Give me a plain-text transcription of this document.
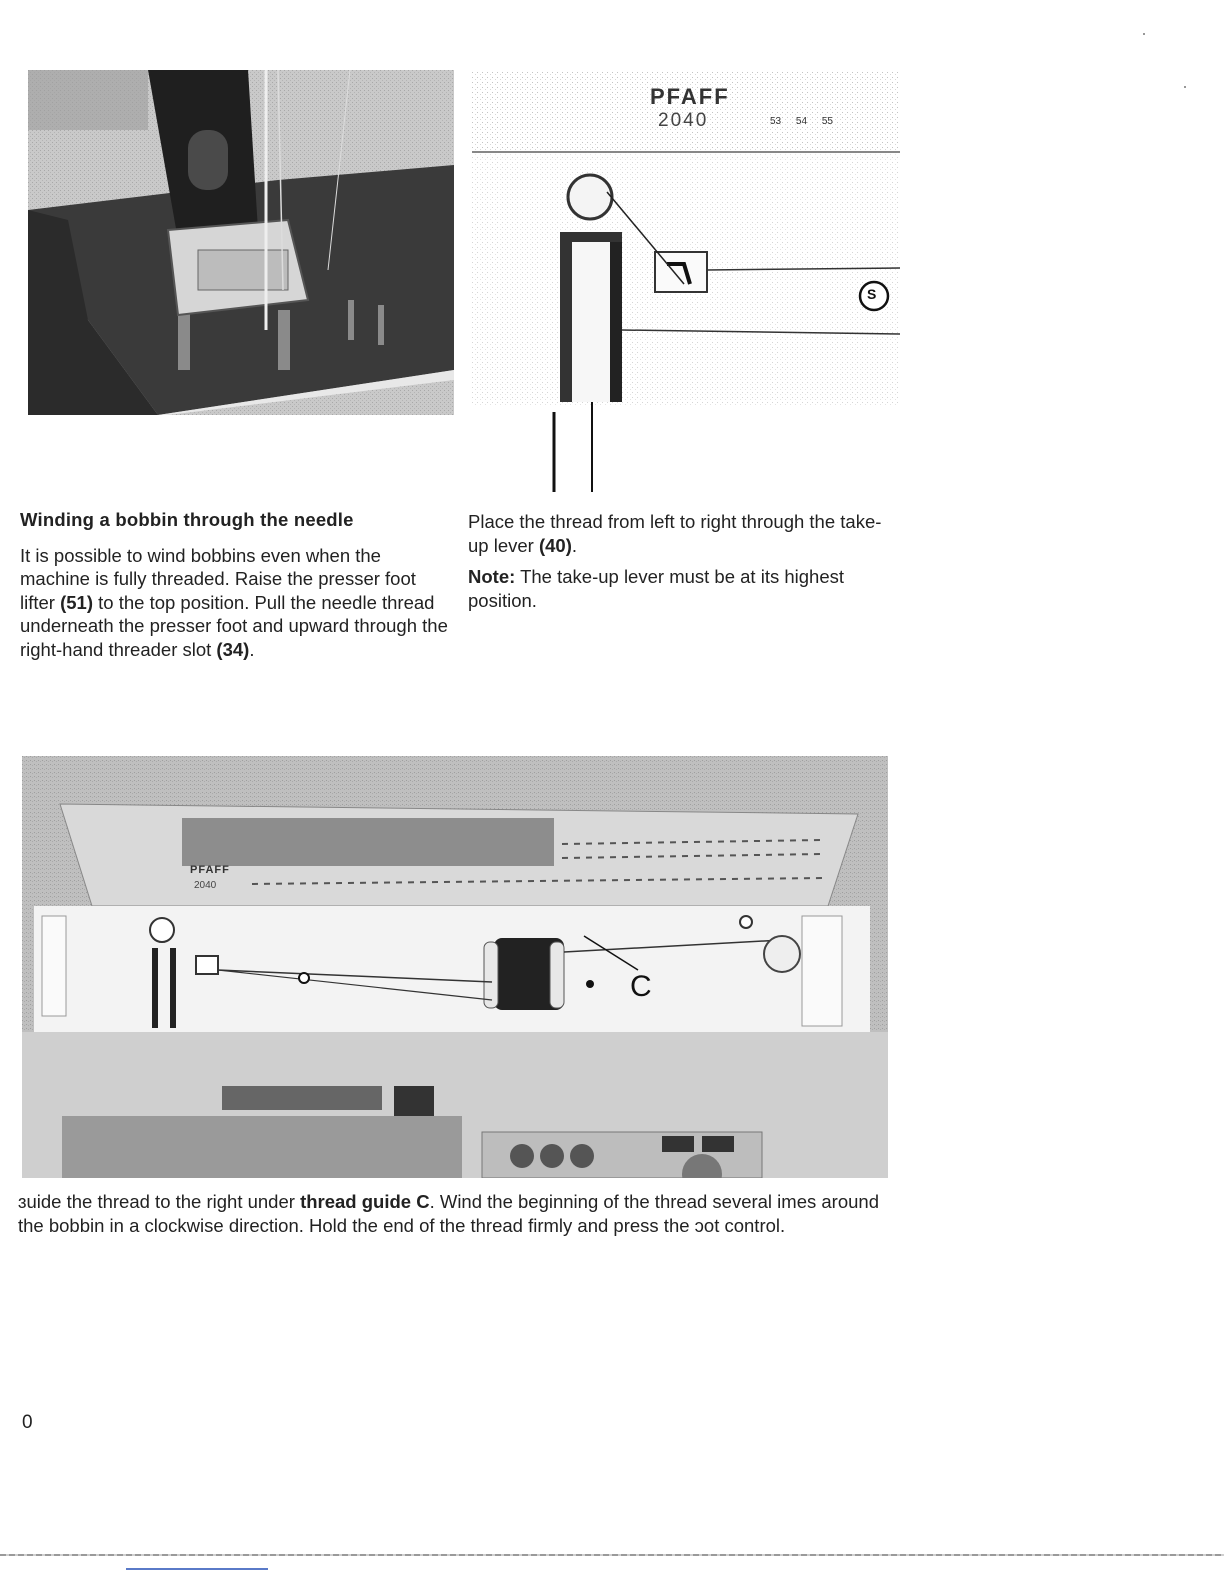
PFAFF
2040	53 54 55
S
Winding a bobbin through the needle

It is possible to wind bobbins even when the machine is fully threaded. Raise the presser foot lifter (51) to the top position. Pull the needle thread underneath the presser foot and upward through the right-hand threader slot (34).

Place the thread from left to right through the take-up lever (40).

Note: The take-up lever must be at its highest position.

PFAFF
2040
C
ɜuide the thread to the right under thread guide C. Wind the beginning of the thread several imes around the bobbin in a clockwise direction. Hold the end of the thread firmly and press the ɔot control.
0
